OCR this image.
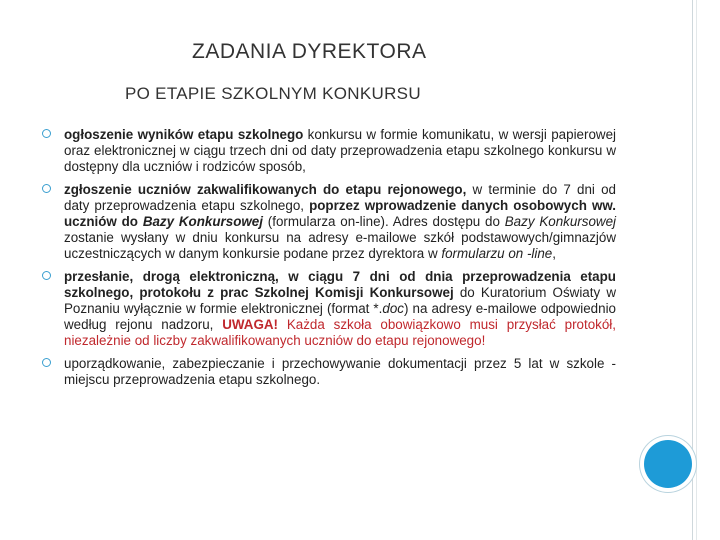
ZADANIA DYREKTORA
PO ETAPIE SZKOLNYM KONKURSU
ogłoszenie wyników etapu szkolnego konkursu w formie komunikatu, w wersji papierowej oraz elektronicznej w ciągu trzech dni od daty przeprowadzenia etapu szkolnego konkursu w dostępny dla uczniów i rodziców sposób,
zgłoszenie uczniów zakwalifikowanych do etapu rejonowego, w terminie do 7 dni od daty przeprowadzenia etapu szkolnego, poprzez wprowadzenie danych osobowych ww. uczniów do Bazy Konkursowej (formularza on-line). Adres dostępu do Bazy Konkursowej zostanie wysłany w dniu konkursu na adresy e-mailowe szkół podstawowych/gimnazjów uczestniczących w danym konkursie podane przez dyrektora w formularzu on -line,
przesłanie, drogą elektroniczną, w ciągu 7 dni od dnia przeprowadzenia etapu szkolnego, protokołu z prac Szkolnej Komisji Konkursowej do Kuratorium Oświaty w Poznaniu wyłącznie w formie elektronicznej (format *.doc) na adresy e-mailowe odpowiednio według rejonu nadzoru, UWAGA! Każda szkoła obowiązkowo musi przysłać protokół, niezależnie od liczby zakwalifikowanych uczniów do etapu rejonowego!
uporządkowanie, zabezpieczanie i przechowywanie dokumentacji przez 5 lat w szkole - miejscu przeprowadzenia etapu szkolnego.
